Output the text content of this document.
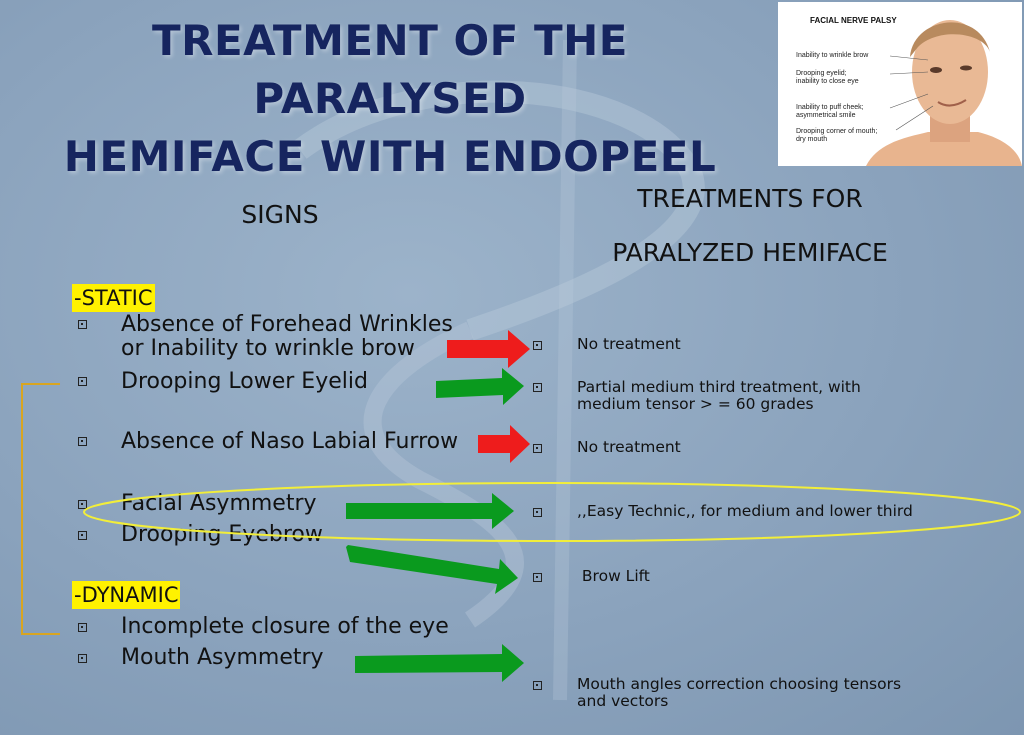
TREATMENT OF THE PARALYSED
HEMIFACE WITH ENDOPEEL
FACIAL NERVE PALSY
Inability to wrinkle brow
Drooping eyelid;
inability to close eye
Inability to puff cheek;
asymmetrical smile
Drooping corner of mouth;
dry mouth
SIGNS
TREATMENTS FOR
PARALYZED HEMIFACE
-STATIC
-DYNAMIC
Absence of Forehead Wrinkles
or Inability to wrinkle brow
Drooping Lower Eyelid
Absence of Naso Labial Furrow
Facial Asymmetry
Drooping Eyebrow
Incomplete closure of the eye
Mouth Asymmetry
No treatment
Partial medium third treatment, with
medium tensor > = 60 grades
No treatment
,,Easy Technic,, for medium and lower third
Brow Lift
Mouth angles correction choosing tensors
and vectors
